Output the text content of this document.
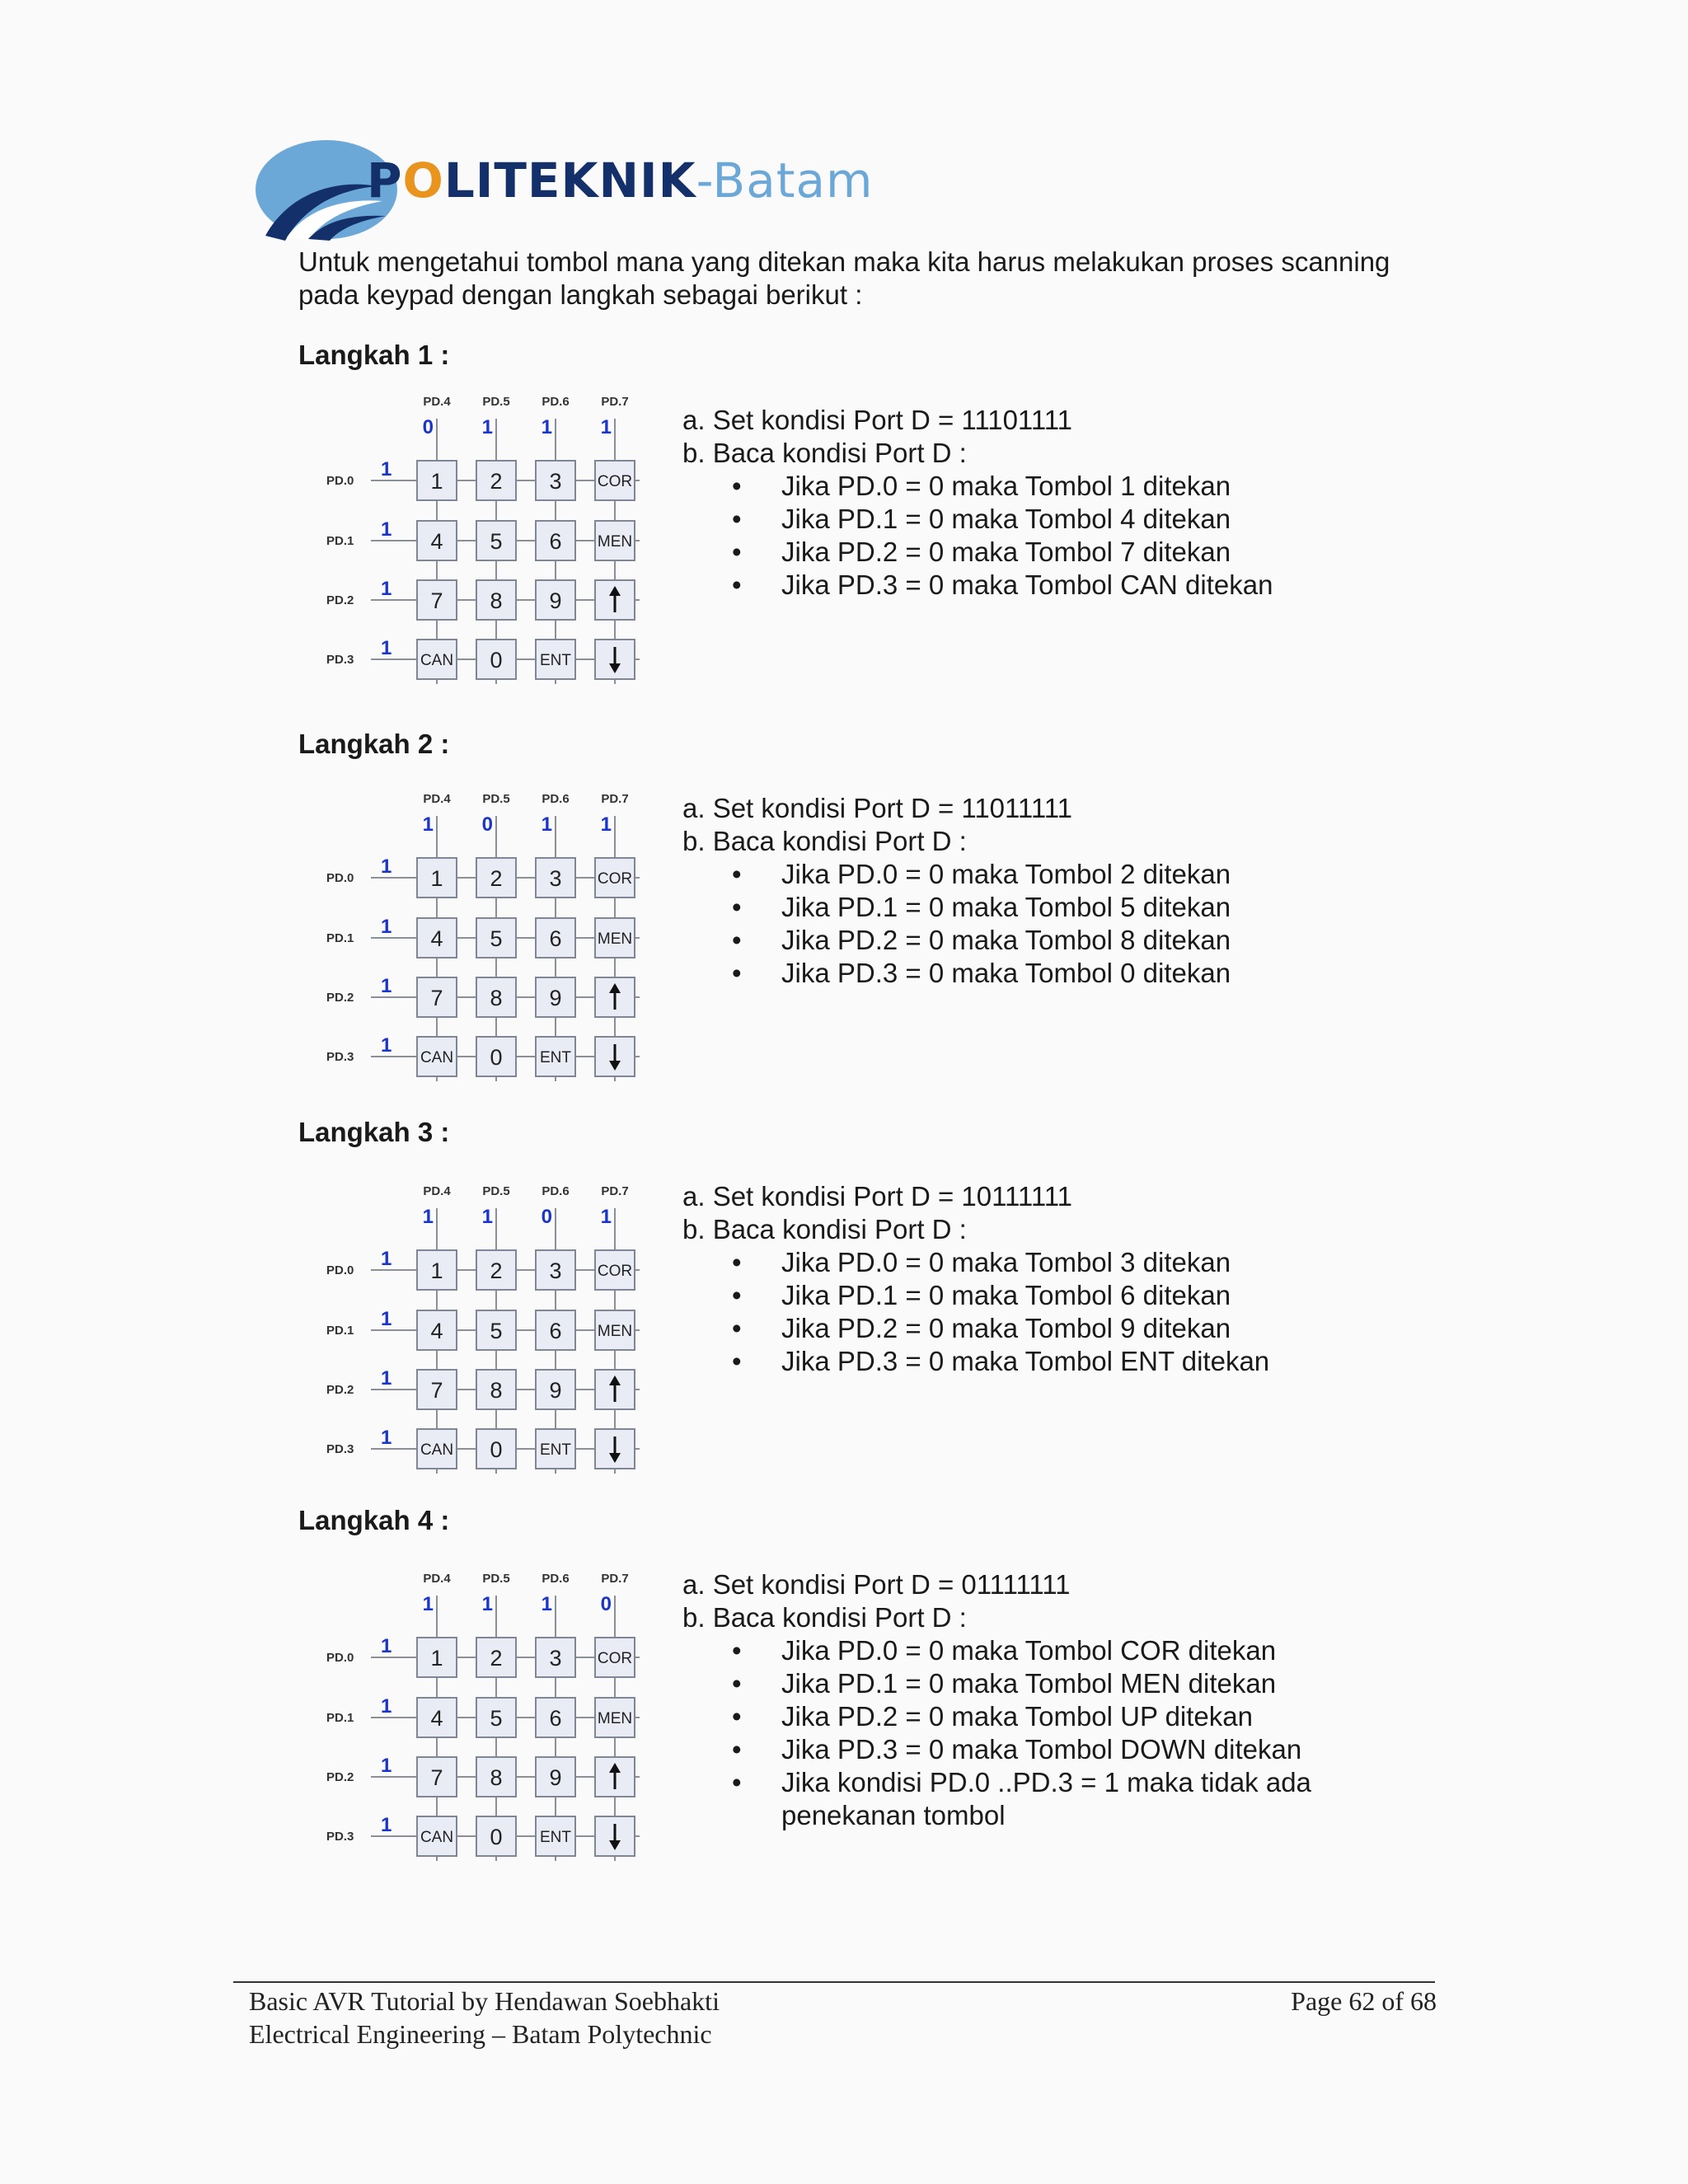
POLITEKNIK-Batam
Untuk mengetahui tombol mana yang ditekan maka kita harus melakukan proses scanning
pada keypad dengan langkah sebagai berikut :
Langkah 1 :
PD.4
0
PD.5
1
PD.6
1
PD.7
1
PD.0
1
PD.1
1
PD.2
1
PD.3
1
1 2 3 COR
4 5 6 MEN
7 8 9
CAN 0 ENT
a. Set kondisi Port D = 11101111
b. Baca kondisi Port D :
• Jika PD.0 = 0 maka Tombol 1 ditekan
• Jika PD.1 = 0 maka Tombol 4 ditekan
• Jika PD.2 = 0 maka Tombol 7 ditekan
• Jika PD.3 = 0 maka Tombol CAN ditekan
Langkah 2 :
PD.4
1
PD.5
0
PD.6
1
PD.7
1
PD.0
1
PD.1
1
PD.2
1
PD.3
1
1 2 3 COR
4 5 6 MEN
7 8 9
CAN 0 ENT
a. Set kondisi Port D = 11011111
b. Baca kondisi Port D :
• Jika PD.0 = 0 maka Tombol 2 ditekan
• Jika PD.1 = 0 maka Tombol 5 ditekan
• Jika PD.2 = 0 maka Tombol 8 ditekan
• Jika PD.3 = 0 maka Tombol 0 ditekan
Langkah 3 :
PD.4
1
PD.5
1
PD.6
0
PD.7
1
PD.0
1
PD.1
1
PD.2
1
PD.3
1
1 2 3 COR
4 5 6 MEN
7 8 9
CAN 0 ENT
a. Set kondisi Port D = 10111111
b. Baca kondisi Port D :
• Jika PD.0 = 0 maka Tombol 3 ditekan
• Jika PD.1 = 0 maka Tombol 6 ditekan
• Jika PD.2 = 0 maka Tombol 9 ditekan
• Jika PD.3 = 0 maka Tombol ENT ditekan
Langkah 4 :
PD.4
1
PD.5
1
PD.6
1
PD.7
0
PD.0
1
PD.1
1
PD.2
1
PD.3
1
1 2 3 COR
4 5 6 MEN
7 8 9
CAN 0 ENT
a. Set kondisi Port D = 01111111
b. Baca kondisi Port D :
• Jika PD.0 = 0 maka Tombol COR ditekan
• Jika PD.1 = 0 maka Tombol MEN ditekan
• Jika PD.2 = 0 maka Tombol UP ditekan
• Jika PD.3 = 0 maka Tombol DOWN ditekan
• Jika kondisi PD.0 ..PD.3 = 1 maka tidak ada penekanan tombol
Basic AVR Tutorial by Hendawan Soebhakti
Electrical Engineering – Batam Polytechnic
Page 62 of 68
